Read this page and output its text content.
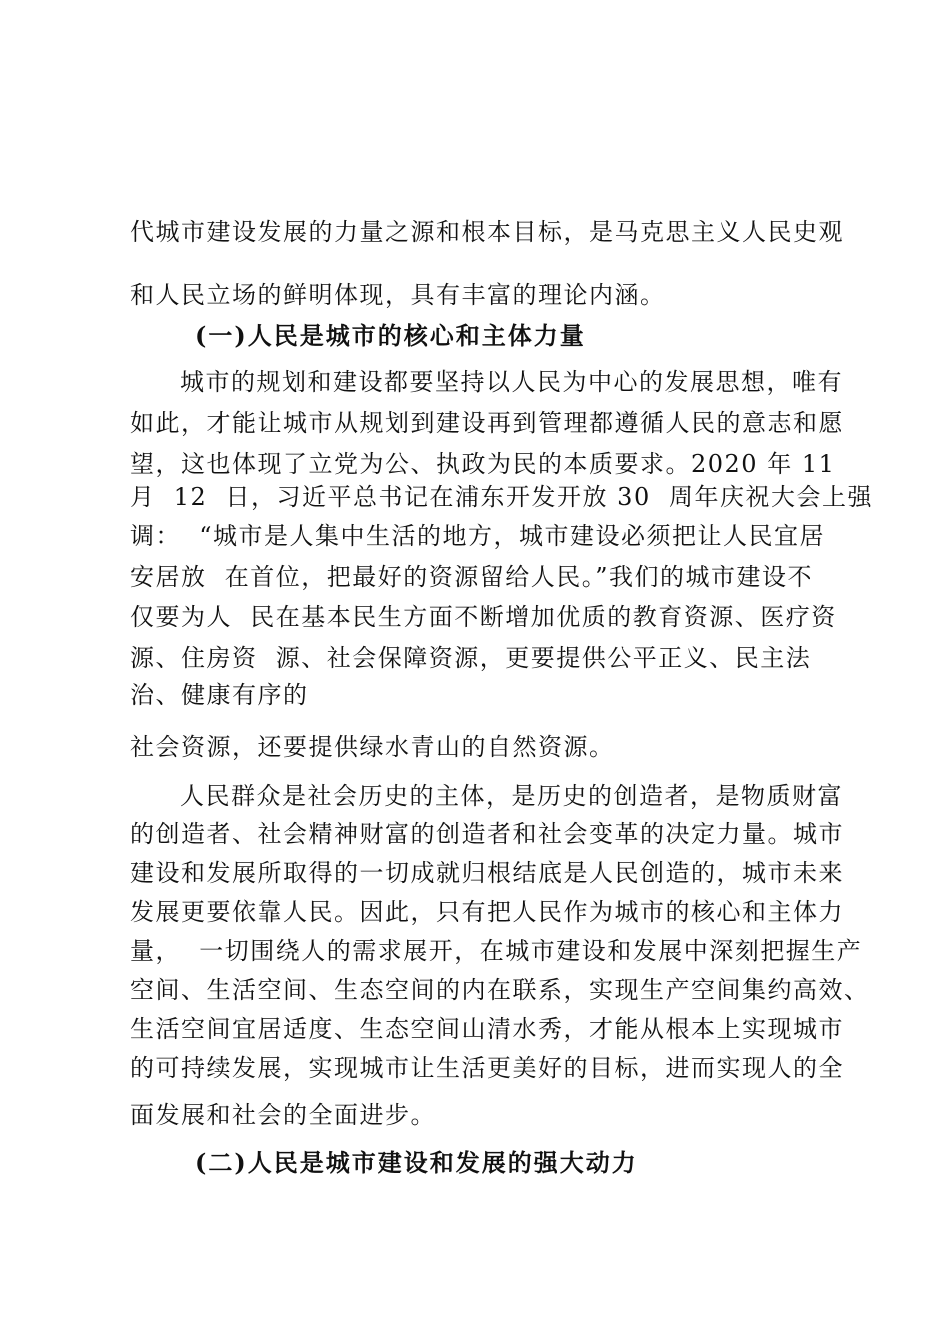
代城市建设发展的力量之源和根本目标，是马克思主义人民史观
和人民立场的鲜明体现，具有丰富的理论内涵。
(一)人民是城市的核心和主体力量
城市的规划和建设都要坚持以人民为中心的发展思想，唯有
如此，才能让城市从规划到建设再到管理都遵循人民的意志和愿
望，这也体现了立党为公、执政为民的本质要求。2020 年 11
月  12  日，习近平总书记在浦东开发开放 30  周年庆祝大会上强
调：  “城市是人集中生活的地方，城市建设必须把让人民宜居
安居放  在首位，把最好的资源留给人民。”我们的城市建设不
仅要为人  民在基本民生方面不断增加优质的教育资源、医疗资
源、住房资  源、社会保障资源，更要提供公平正义、民主法
治、健康有序的
社会资源，还要提供绿水青山的自然资源。
人民群众是社会历史的主体，是历史的创造者，是物质财富
的创造者、社会精神财富的创造者和社会变革的决定力量。城市
建设和发展所取得的一切成就归根结底是人民创造的，城市未来
发展更要依靠人民。因此，只有把人民作为城市的核心和主体力
量，  一切围绕人的需求展开，在城市建设和发展中深刻把握生产
空间、生活空间、生态空间的内在联系，实现生产空间集约高效、
生活空间宜居适度、生态空间山清水秀，才能从根本上实现城市
的可持续发展，实现城市让生活更美好的目标，进而实现人的全
面发展和社会的全面进步。
(二)人民是城市建设和发展的强大动力
